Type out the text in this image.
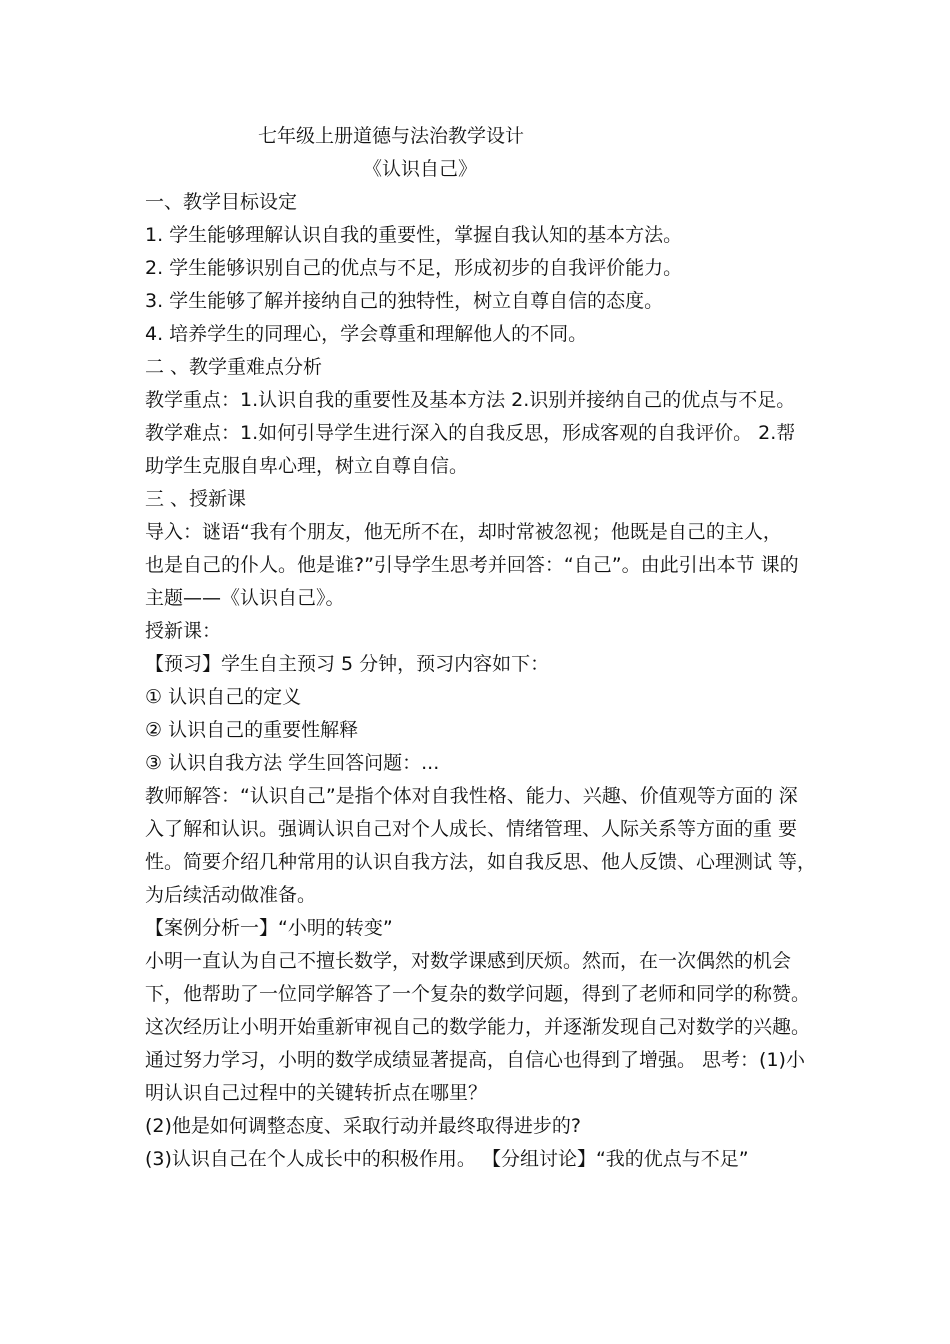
七年级上册道德与法治教学设计
《认识自己》
一、教学目标设定
1. 学生能够理解认识自我的重要性，掌握自我认知的基本方法。
2. 学生能够识别自己的优点与不足，形成初步的自我评价能力。
3. 学生能够了解并接纳自己的独特性，树立自尊自信的态度。
4. 培养学生的同理心，学会尊重和理解他人的不同。
二 、教学重难点分析
教学重点：1.认识自我的重要性及基本方法 2.识别并接纳自己的优点与不足。
教学难点：1.如何引导学生进行深入的自我反思，形成客观的自我评价。 2.帮
助学生克服自卑心理，树立自尊自信。
三 、授新课
导入：谜语“我有个朋友，他无所不在，却时常被忽视；他既是自己的主人，
也是自己的仆人。他是谁?”引导学生思考并回答：“自己”。由此引出本节 课的
主题——《认识自己》。
授新课：
【预习】学生自主预习 5 分钟，预习内容如下：
① 认识自己的定义
② 认识自己的重要性解释
③ 认识自我方法 学生回答问题：...
教师解答：“认识自己”是指个体对自我性格、能力、兴趣、价值观等方面的 深
入了解和认识。强调认识自己对个人成长、情绪管理、人际关系等方面的重 要
性。简要介绍几种常用的认识自我方法，如自我反思、他人反馈、心理测试 等，
为后续活动做准备。
【案例分析一】“小明的转变”
小明一直认为自己不擅长数学，对数学课感到厌烦。然而，在一次偶然的机会
下，他帮助了一位同学解答了一个复杂的数学问题，得到了老师和同学的称赞。
这次经历让小明开始重新审视自己的数学能力，并逐渐发现自己对数学的兴趣。
通过努力学习，小明的数学成绩显著提高，自信心也得到了增强。 思考：(1)小
明认识自己过程中的关键转折点在哪里？
(2)他是如何调整态度、采取行动并最终取得进步的?
(3)认识自己在个人成长中的积极作用。 【分组讨论】“我的优点与不足”
